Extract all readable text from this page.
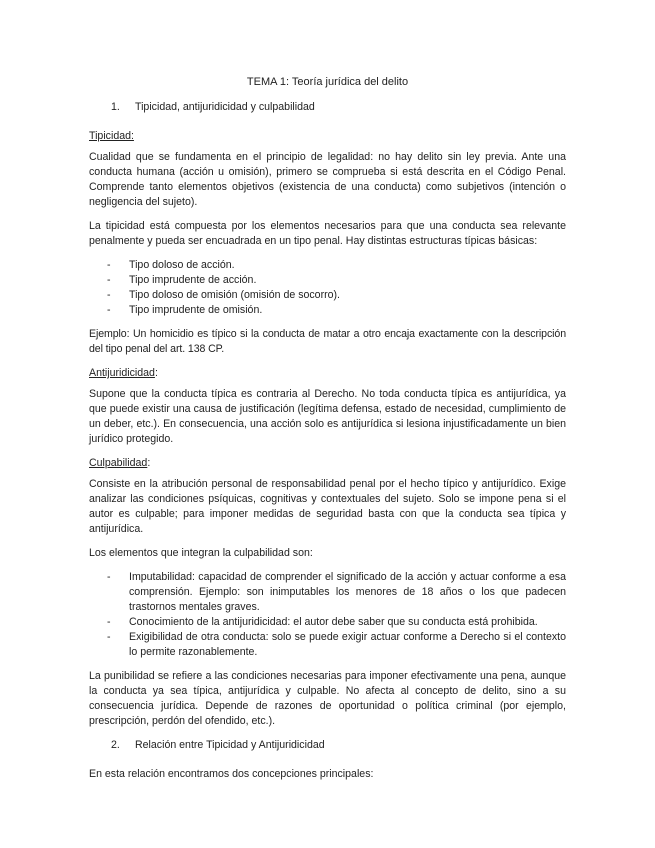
TEMA 1: Teoría jurídica del delito
1.	Tipicidad, antijuridicidad y culpabilidad
Tipicidad:

Cualidad que se fundamenta en el principio de legalidad: no hay delito sin ley previa. Ante una conducta humana (acción u omisión), primero se comprueba si está descrita en el Código Penal. Comprende tanto elementos objetivos (existencia de una conducta) como subjetivos (intención o negligencia del sujeto).

La tipicidad está compuesta por los elementos necesarios para que una conducta sea relevante penalmente y pueda ser encuadrada en un tipo penal. Hay distintas estructuras típicas básicas:

-	Tipo doloso de acción.
-	Tipo imprudente de acción.
-	Tipo doloso de omisión (omisión de socorro).
-	Tipo imprudente de omisión.

Ejemplo: Un homicidio es típico si la conducta de matar a otro encaja exactamente con la descripción del tipo penal del art. 138 CP.

Antijuridicidad:

Supone que la conducta típica es contraria al Derecho. No toda conducta típica es antijurídica, ya que puede existir una causa de justificación (legítima defensa, estado de necesidad, cumplimiento de un deber, etc.). En consecuencia, una acción solo es antijurídica si lesiona injustificadamente un bien jurídico protegido.

Culpabilidad:

Consiste en la atribución personal de responsabilidad penal por el hecho típico y antijurídico. Exige analizar las condiciones psíquicas, cognitivas y contextuales del sujeto. Solo se impone pena si el autor es culpable; para imponer medidas de seguridad basta con que la conducta sea típica y antijurídica.

Los elementos que integran la culpabilidad son:

-	Imputabilidad: capacidad de comprender el significado de la acción y actuar conforme a esa comprensión. Ejemplo: son inimputables los menores de 18 años o los que padecen trastornos mentales graves.
-	Conocimiento de la antijuridicidad: el autor debe saber que su conducta está prohibida.
-	Exigibilidad de otra conducta: solo se puede exigir actuar conforme a Derecho si el contexto lo permite razonablemente.

La punibilidad se refiere a las condiciones necesarias para imponer efectivamente una pena, aunque la conducta ya sea típica, antijurídica y culpable. No afecta al concepto de delito, sino a su consecuencia jurídica. Depende de razones de oportunidad o política criminal (por ejemplo, prescripción, perdón del ofendido, etc.).

2.	Relación entre Tipicidad y Antijuridicidad

En esta relación encontramos dos concepciones principales:
